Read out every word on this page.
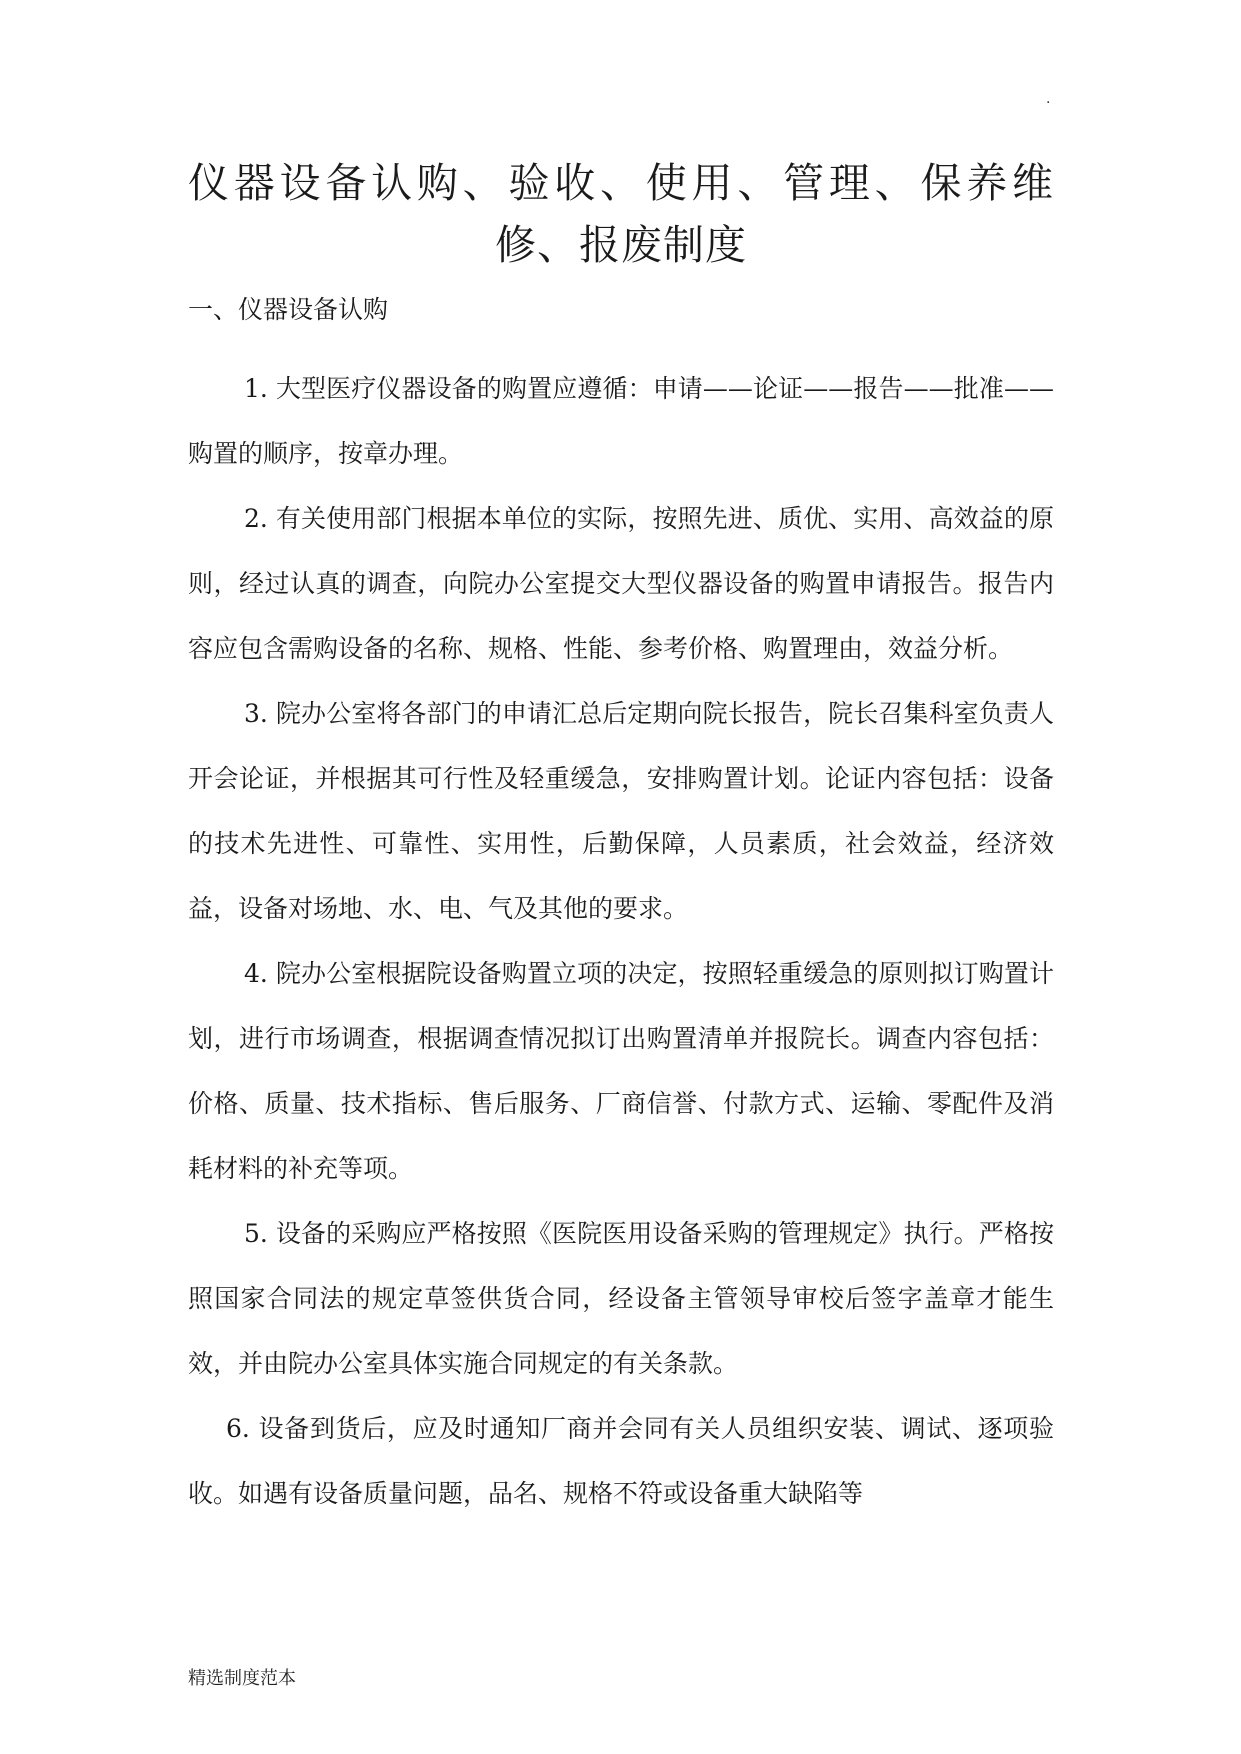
.
仪器设备认购、验收、使用、管理、保养维
修、报废制度
一、仪器设备认购

1. 大型医疗仪器设备的购置应遵循：申请——论证——报告——批准——购置的顺序，按章办理。

2. 有关使用部门根据本单位的实际，按照先进、质优、实用、高效益的原则，经过认真的调查，向院办公室提交大型仪器设备的购置申请报告。报告内容应包含需购设备的名称、规格、性能、参考价格、购置理由，效益分析。

3. 院办公室将各部门的申请汇总后定期向院长报告，院长召集科室负责人开会论证，并根据其可行性及轻重缓急，安排购置计划。论证内容包括：设备的技术先进性、可靠性、实用性，后勤保障，人员素质，社会效益，经济效益，设备对场地、水、电、气及其他的要求。

4. 院办公室根据院设备购置立项的决定，按照轻重缓急的原则拟订购置计划，进行市场调查，根据调查情况拟订出购置清单并报院长。调查内容包括：价格、质量、技术指标、售后服务、厂商信誉、付款方式、运输、零配件及消耗材料的补充等项。

5. 设备的采购应严格按照《医院医用设备采购的管理规定》执行。严格按照国家合同法的规定草签供货合同，经设备主管领导审校后签字盖章才能生效，并由院办公室具体实施合同规定的有关条款。

6. 设备到货后，应及时通知厂商并会同有关人员组织安装、调试、逐项验收。如遇有设备质量问题，品名、规格不符或设备重大缺陷等

精选制度范本
